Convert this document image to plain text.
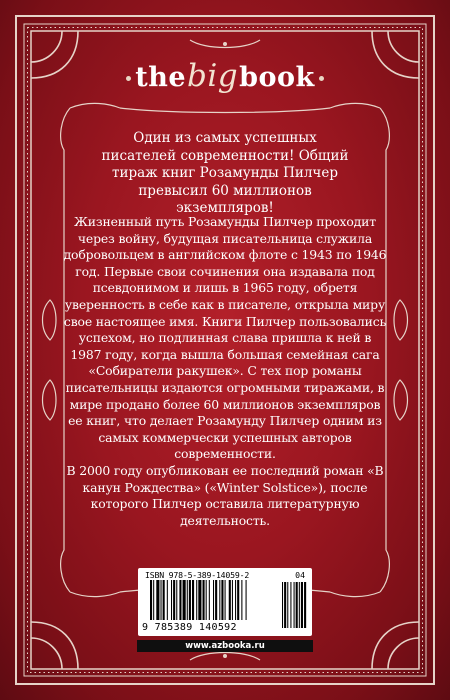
thebigbook
Один из самых успешных писателей современности! Общий тираж книг Розамунды Пилчер превысил 60 миллионов экземпляров!

Жизненный путь Розамунды Пилчер проходит через войну, будущая писательница служила добровольцем в английском флоте с 1943 по 1946 год. Первые свои сочинения она издавала под псевдонимом и лишь в 1965 году, обретя уверенность в себе как в писателе, открыла миру свое настоящее имя. Книги Пилчер пользовались успехом, но подлинная слава пришла к ней в 1987 году, когда вышла большая семейная сага «Собиратели ракушек». С тех пор романы писательницы издаются огромными тиражами, в мире продано более 60 миллионов экземпляров ее книг, что делает Розамунду Пилчер одним из самых коммерчески успешных авторов современности.

В 2000 году опубликован ее последний роман «В канун Рождества» («Winter Solstice»), после которого Пилчер оставила литературную деятельность.

ISBN 978-5-389-14059-2	04
9 785389 140592
www.azbooka.ru
